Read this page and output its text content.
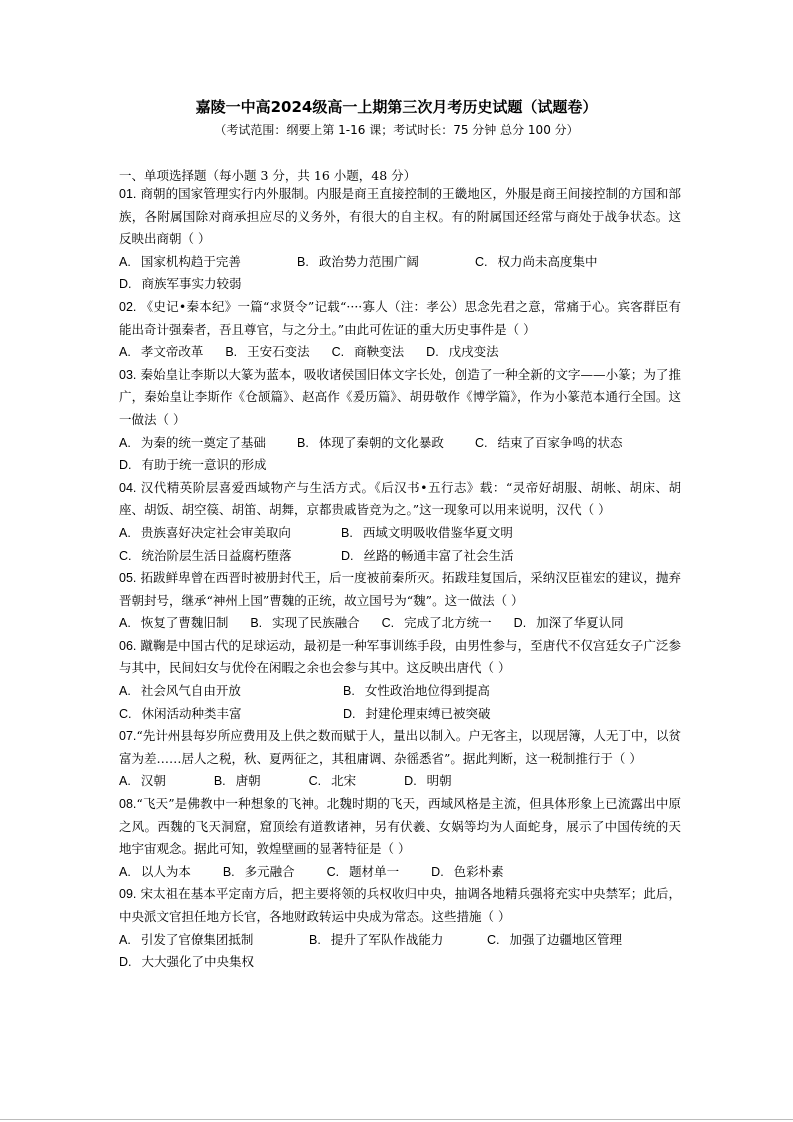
嘉陵一中高2024级高一上期第三次月考历史试题（试题卷）
（考试范围：纲要上第 1-16 课；考试时长：75 分钟 总分 100 分）
一、单项选择题（每小题 3 分，共 16 小题，48 分）

01. 商朝的国家管理实行内外服制。内服是商王直接控制的王畿地区，外服是商王间接控制的方国和部族，各附属国除对商承担应尽的义务外，有很大的自主权。有的附属国还经常与商处于战争状态。这反映出商朝（ ）

A. 国家机构趋于完善	B. 政治势力范围广阔	C. 权力尚未高度集中
D. 商族军事实力较弱

02. 《史记•秦本纪》一篇“求贤令”记载“····寡人（注：孝公）思念先君之意，常痛于心。宾客群臣有能出奇计强秦者，吾且尊官，与之分土。”由此可佐证的重大历史事件是（ ）

A. 孝文帝改革 B. 王安石变法 C. 商鞅变法 D. 戊戌变法

03. 秦始皇让李斯以大篆为蓝本，吸收诸侯国旧体文字长处，创造了一种全新的文字——小篆；为了推广，秦始皇让李斯作《仓颉篇》、赵高作《爰历篇》、胡毋敬作《博学篇》，作为小篆范本通行全国。这一做法（ ）

A. 为秦的统一奠定了基础	B. 体现了秦朝的文化暴政	C. 结束了百家争鸣的状态
D. 有助于统一意识的形成

04. 汉代精英阶层喜爱西域物产与生活方式。《后汉书•五行志》载：“灵帝好胡服、胡帐、胡床、胡座、胡饭、胡空篌、胡笛、胡舞，京都贵戚皆竞为之。”这一现象可以用来说明，汉代（ ）

A. 贵族喜好决定社会审美取向	B. 西域文明吸收借鉴华夏文明
C. 统治阶层生活日益腐朽堕落	D. 丝路的畅通丰富了社会生活

05. 拓跋鲜卑曾在西晋时被册封代王，后一度被前秦所灭。拓跋珪复国后，采纳汉臣崔宏的建议，抛弃晋朝封号，继承“神州上国”曹魏的正统，故立国号为“魏”。这一做法（ ）

A. 恢复了曹魏旧制 B. 实现了民族融合 C. 完成了北方统一 D. 加深了华夏认同

06. 蹴鞠是中国古代的足球运动，最初是一种军事训练手段，由男性参与，至唐代不仅宫廷女子广泛参与其中，民间妇女与优伶在闲暇之余也会参与其中。这反映出唐代（ ）

A. 社会风气自由开放	B. 女性政治地位得到提高
C. 休闲活动种类丰富	D. 封建伦理束缚已被突破

07.“先计州县每岁所应费用及上供之数而赋于人，量出以制入。户无客主，以现居簿，人无丁中，以贫富为差……居人之税，秋、夏两征之，其租庸调、杂徭悉省”。据此判断，这一税制推行于（ ）

A. 汉朝	B. 唐朝	C. 北宋	D. 明朝

08.“飞天”是佛教中一种想象的飞神。北魏时期的飞天，西域风格是主流，但具体形象上已流露出中原之风。西魏的飞天洞窟，窟顶绘有道教诸神，另有伏羲、女娲等均为人面蛇身，展示了中国传统的天地宇宙观念。据此可知，敦煌壁画的显著特征是（ ）

A. 以人为本	B. 多元融合	C. 题材单一	D. 色彩朴素

09. 宋太祖在基本平定南方后，把主要将领的兵权收归中央，抽调各地精兵强将充实中央禁军；此后，中央派文官担任地方长官，各地财政转运中央成为常态。这些措施（ ）

A. 引发了官僚集团抵制	B. 提升了军队作战能力	C. 加强了边疆地区管理
D. 大大强化了中央集权
